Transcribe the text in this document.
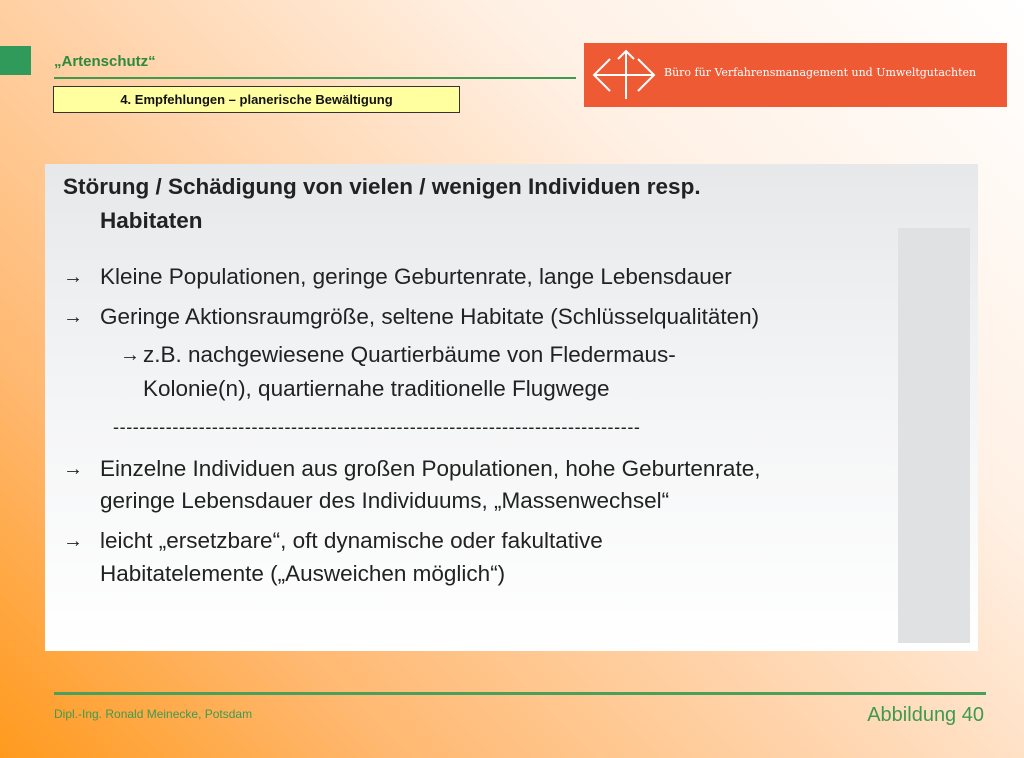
„Artenschutz“
4. Empfehlungen – planerische Bewältigung
Büro für Verfahrensmanagement und Umweltgutachten
Störung / Schädigung von vielen / wenigen Individuen resp.
Habitaten
→ Kleine Populationen, geringe Geburtenrate, lange Lebensdauer
→ Geringe Aktionsraumgröße, seltene Habitate (Schlüsselqualitäten)
→ z.B. nachgewiesene Quartierbäume von Fledermaus-
Kolonie(n), quartiernahe traditionelle Flugwege
--------------------------------------------------------------------------------
→ Einzelne Individuen aus großen Populationen, hohe Geburtenrate,
geringe Lebensdauer des Individuums, „Massenwechsel“
→ leicht „ersetzbare“, oft dynamische oder fakultative
Habitatelemente („Ausweichen möglich“)
Dipl.-Ing. Ronald Meinecke, Potsdam	Abbildung 40
